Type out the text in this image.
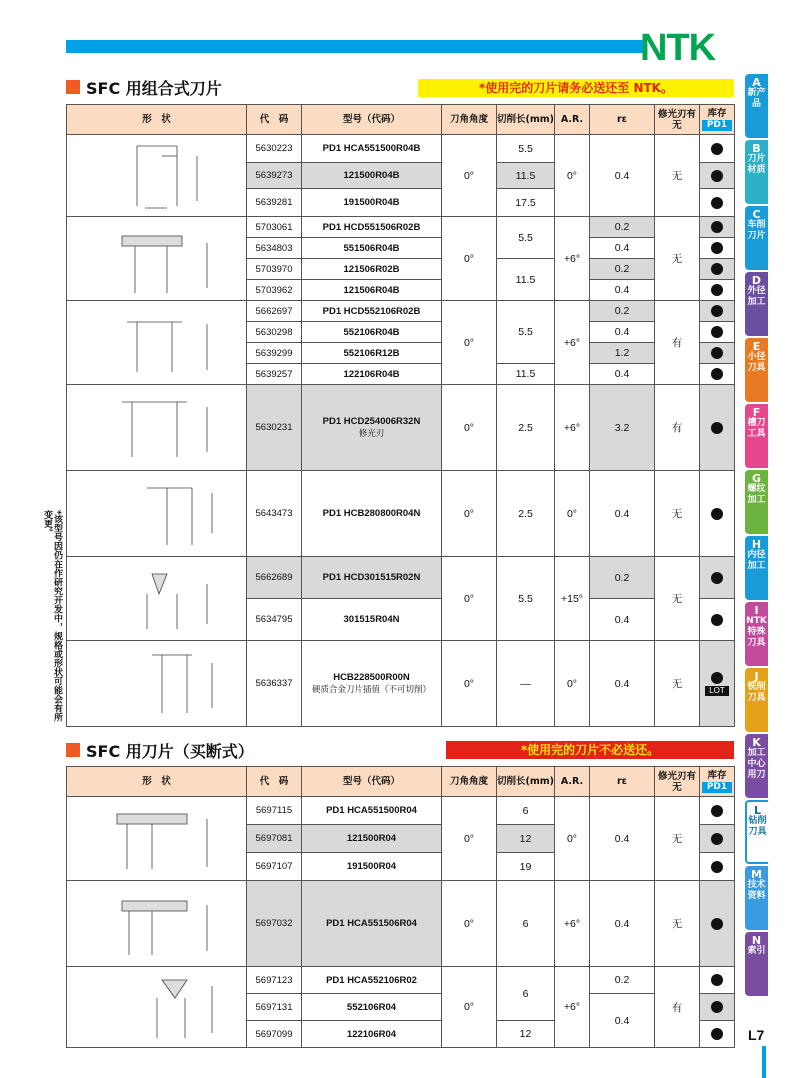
NTK
SFC 用组合式刀片	*使用完的刀片请务必送还至 NTK。
形　状	代　码	型号（代码）	刀角角度	切削长(mm)	A.R.	rε	修光刃有无	库存
PD1

	5630223	PD1 HCA551500R04B	0°	5.5	0°	0.4	无	
	5639273	121500R04B		11.5				
	5639281	191500R04B		17.5				

	5703061	PD1 HCD551506R02B	0°	5.5	+6°	0.2	无	
	5634803	551506R04B				0.4		
	5703970	121506R02B		11.5		0.2		
	5703962	121506R04B				0.4		

	5662697	PD1 HCD552106R02B	0°	5.5	+6°	0.2	有	
	5630298	552106R04B				0.4		
	5639299	552106R12B				1.2		
	5639257	122106R04B		11.5		0.4		

	5630231	PD1 HCD254006R32N
修光刃	0°	2.5	+6°	3.2	有	

	5643473	PD1 HCB280800R04N	0°	2.5	0°	0.4	无	

	5662689	PD1 HCD301515R02N	0°	5.5	+15°	0.2	无	
	5634795	301515R04N				0.4		

	5636337	HCB228500R00N
硬质合金刀片插值（不可切削）	0°	—	0°	0.4	无	LOT
SFC 用刀片（买断式）	*使用完的刀片不必送还。
形　状	代　码	型号（代码）	刀角角度	切削长(mm)	A.R.	rε	修光刃有无	库存
PD1

	5697115	PD1 HCA551500R04	0°	6	0°	0.4	无	
	5697081	121500R04		12				
	5697107	191500R04		19				

	5697032	PD1 HCA551506R04	0°	6	+6°	0.4	无	

	5697123	PD1 HCA552106R02	0°	6	+6°	0.2	有	
	5697131	552106R04				0.4		
	5697099	122106R04		12				
*该型号因仍在作研究开发中，规格或形状可能会有所变更。
A
新产品
B
刀片材质
C
车削刀片
D
外径加工
E
小径刀具
F
槽刀工具
G
螺纹加工
H
内径加工
I
NTK特殊刀具
J
铣削刀具
K
加工中心用刀
L
钻削刀具
M
技术资料
N
索引
L7
